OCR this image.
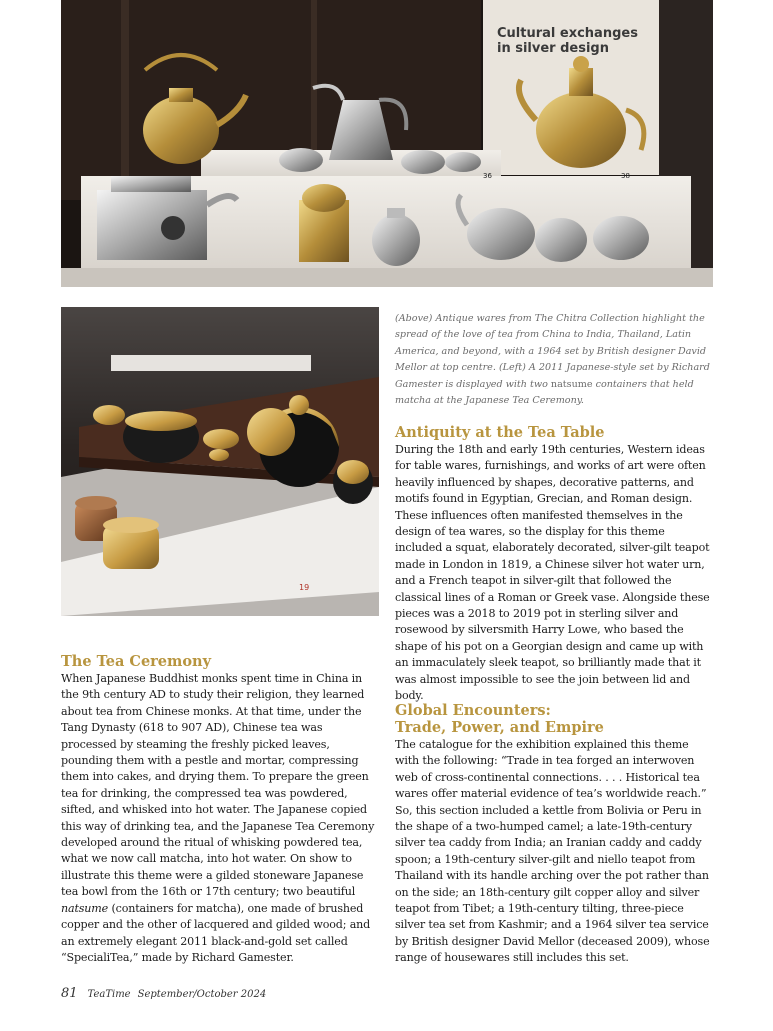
Cultural exchanges
in silver design
36	38
19

(Above) Antique wares from The Chitra Collection highlight the spread of the love of tea from China to India, Thailand, Latin America, and beyond, with a 1964 set by British designer David Mellor at top centre. (Left) A 2011 Japanese-style set by Richard Gamester is displayed with two natsume containers that held matcha at the Japanese Tea Ceremony.

Antiquity at the Tea Table

During the 18th and early 19th centuries, Western ideas for table wares, furnishings, and works of art were often heavily influenced by shapes, decorative patterns, and motifs found in Egyptian, Grecian, and Roman design. These influences often manifested themselves in the design of tea wares, so the display for this theme included a squat, elaborately decorated, silver-gilt teapot made in London in 1819, a Chinese silver hot water urn, and a French teapot in silver-gilt that followed the classical lines of a Roman or Greek vase. Alongside these pieces was a 2018 to 2019 pot in sterling silver and rosewood by silversmith Harry Lowe, who based the shape of his pot on a Georgian design and came up with an immaculately sleek teapot, so brilliantly made that it was almost impossible to see the join between lid and body.

The Tea Ceremony

When Japanese Buddhist monks spent time in China in the 9th century AD to study their religion, they learned about tea from Chinese monks. At that time, under the Tang Dynasty (618 to 907 AD), Chinese tea was processed by steaming the freshly picked leaves, pounding them with a pestle and mortar, compressing them into cakes, and drying them. To prepare the green tea for drinking, the compressed tea was powdered, sifted, and whisked into hot water. The Japanese copied this way of drinking tea, and the Japanese Tea Ceremony developed around the ritual of whisking powdered tea, what we now call matcha, into hot water. On show to illustrate this theme were a gilded stoneware Japanese tea bowl from the 16th or 17th century; two beautiful natsume (containers for matcha), one made of brushed copper and the other of lacquered and gilded wood; and an extremely elegant 2011 black-and-gold set called “SpecialiTea,” made by Richard Gamester.

Global Encounters:
Trade, Power, and Empire

The catalogue for the exhibition explained this theme with the following: “Trade in tea forged an interwoven web of cross-continental connections. . . . Historical tea wares offer material evidence of tea’s worldwide reach.” So, this section included a kettle from Bolivia or Peru in the shape of a two-humped camel; a late-19th-century silver tea caddy from India; an Iranian caddy and caddy spoon; a 19th-century silver-gilt and niello teapot from Thailand with its handle arching over the pot rather than on the side; an 18th-century gilt copper alloy and silver teapot from Tibet; a 19th-century tilting, three-piece silver tea set from Kashmir; and a 1964 silver tea service by British designer David Mellor (deceased 2009), whose range of housewares still includes this set.

81 TeaTime September/October 2024
